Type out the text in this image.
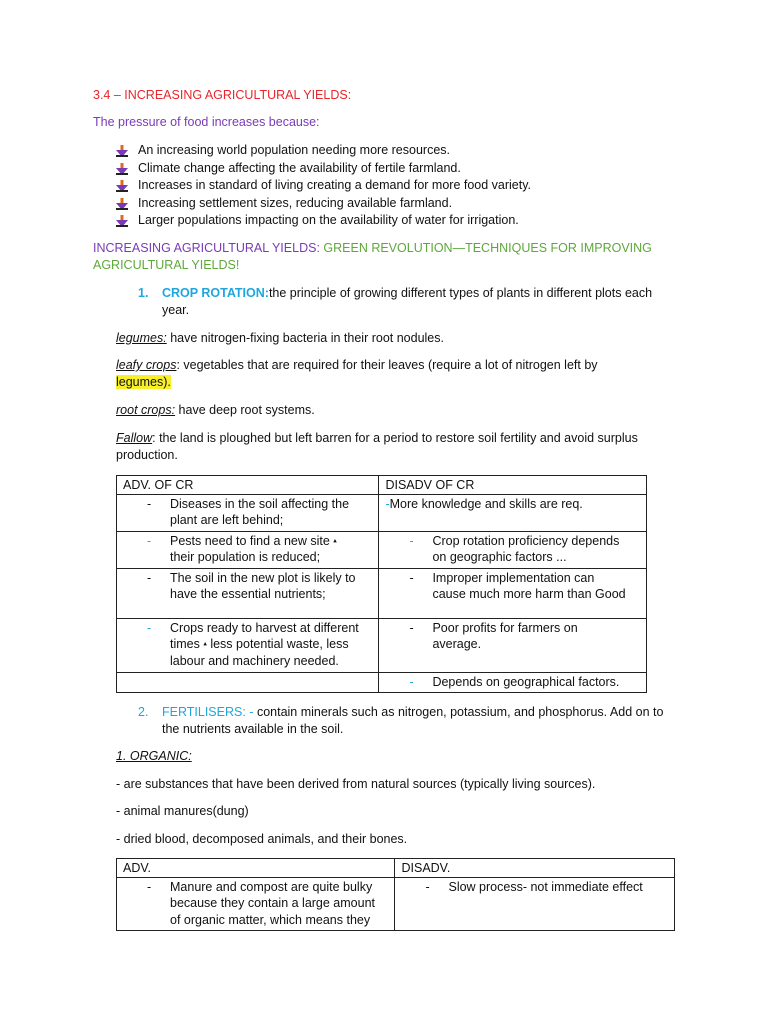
3.4 – INCREASING AGRICULTURAL YIELDS:
The pressure of food increases because:
An increasing world population needing more resources.
Climate change affecting the availability of fertile farmland.
Increases in standard of living creating a demand for more food variety.
Increasing settlement sizes, reducing available farmland.
Larger populations impacting on the availability of water for irrigation.
INCREASING AGRICULTURAL YIELDS: GREEN REVOLUTION—TECHNIQUES FOR IMPROVING
AGRICULTURAL YIELDS!
1. CROP ROTATION:the principle of growing different types of plants in different plots each
year.
legumes: have nitrogen-fixing bacteria in their root nodules.
leafy crops: vegetables that are required for their leaves (require a lot of nitrogen left by
legumes).
root crops: have deep root systems.
Fallow: the land is ploughed but left barren for a period to restore soil fertility and avoid surplus
production.
ADV. OF CR	DISADV OF CR

- Diseases in the soil affecting the
plant are left behind;	-More knowledge and skills are req.

- Pests need to find a new site ▴
their population is reduced;	- Crop rotation proficiency depends
on geographic factors ...

- The soil in the new plot is likely to
have the essential nutrients;	- Improper implementation can
cause much more harm than Good

- Crops ready to harvest at different
times ▴ less potential waste, less
labour and machinery needed.	- Poor profits for farmers on
average.

	- Depends on geographical factors.
2. FERTILISERS: - contain minerals such as nitrogen, potassium, and phosphorus. Add on to
the nutrients available in the soil.
1. ORGANIC:
- are substances that have been derived from natural sources (typically living sources).
- animal manures(dung)
- dried blood, decomposed animals, and their bones.
ADV.	DISADV.

- Manure and compost are quite bulky
because they contain a large amount
of organic matter, which means they	- Slow process- not immediate effect
